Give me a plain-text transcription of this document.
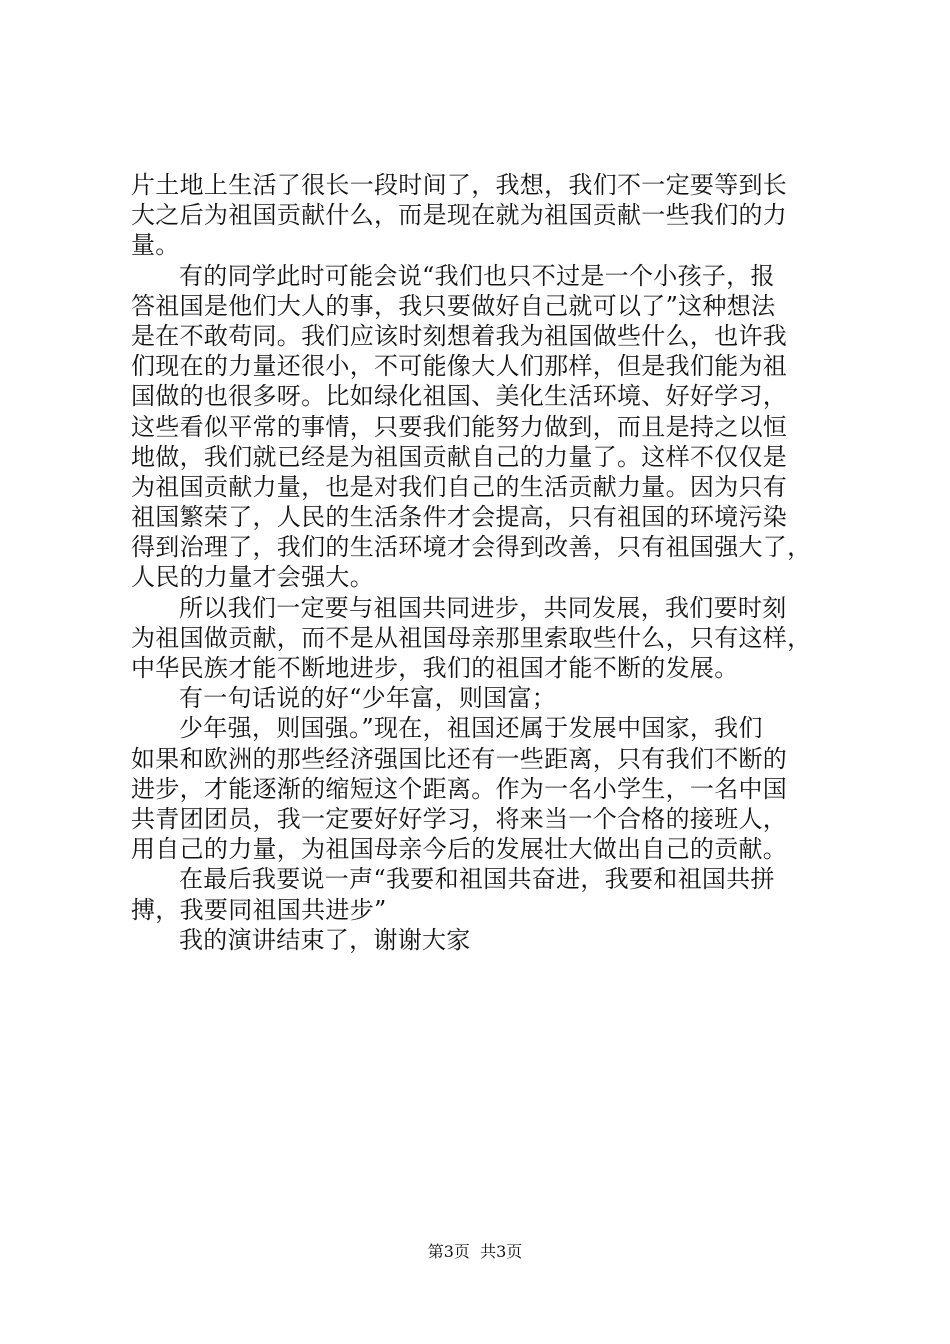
片土地上生活了很长一段时间了，我想，我们不一定要等到长
大之后为祖国贡献什么，而是现在就为祖国贡献一些我们的力
量。
有的同学此时可能会说“我们也只不过是一个小孩子，报
答祖国是他们大人的事，我只要做好自己就可以了”这种想法
是在不敢苟同。我们应该时刻想着我为祖国做些什么，也许我
们现在的力量还很小，不可能像大人们那样，但是我们能为祖
国做的也很多呀。比如绿化祖国、美化生活环境、好好学习，
这些看似平常的事情，只要我们能努力做到，而且是持之以恒
地做，我们就已经是为祖国贡献自己的力量了。这样不仅仅是
为祖国贡献力量，也是对我们自己的生活贡献力量。因为只有
祖国繁荣了，人民的生活条件才会提高，只有祖国的环境污染
得到治理了，我们的生活环境才会得到改善，只有祖国强大了，
人民的力量才会强大。
所以我们一定要与祖国共同进步，共同发展，我们要时刻
为祖国做贡献，而不是从祖国母亲那里索取些什么，只有这样，
中华民族才能不断地进步，我们的祖国才能不断的发展。
有一句话说的好“少年富，则国富；
少年强，则国强。”现在，祖国还属于发展中国家，我们
如果和欧洲的那些经济强国比还有一些距离，只有我们不断的
进步，才能逐渐的缩短这个距离。作为一名小学生，一名中国
共青团团员，我一定要好好学习，将来当一个合格的接班人，
用自己的力量，为祖国母亲今后的发展壮大做出自己的贡献。
在最后我要说一声“我要和祖国共奋进，我要和祖国共拼
搏，我要同祖国共进步”
我的演讲结束了，谢谢大家
第3页  共3页
